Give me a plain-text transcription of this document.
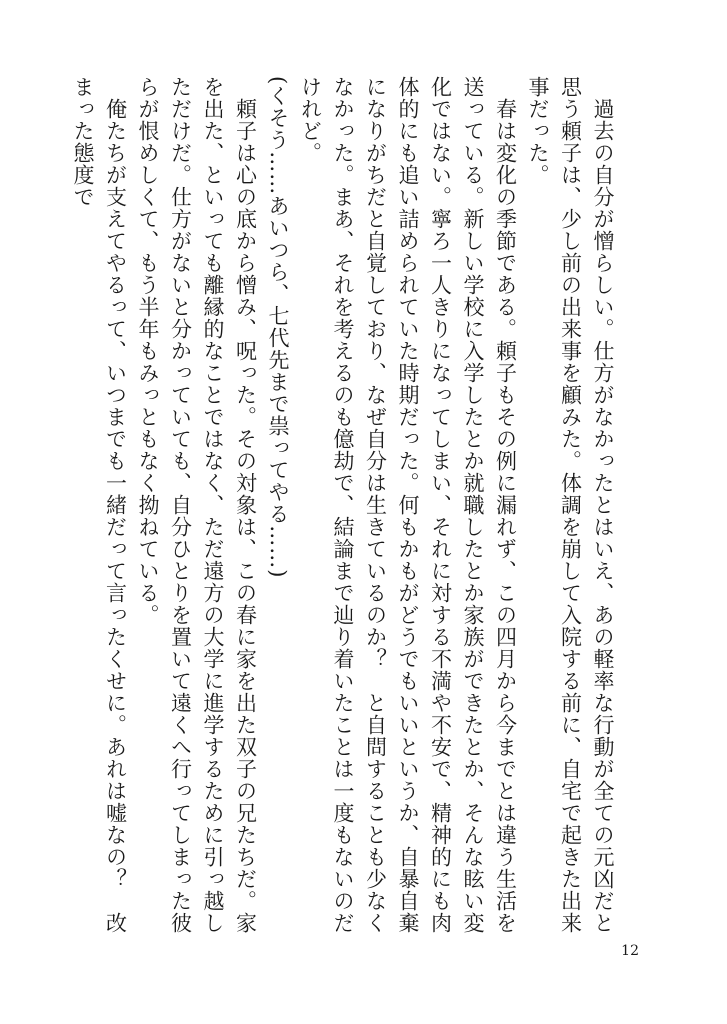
　過去の自分が憎らしい。仕方がなかったとはいえ、あの軽率な行動が全ての元凶だと思う頼子は、少し前の出来事を顧みた。体調を崩して入院する前に、自宅で起きた出来事だった。

　春は変化の季節である。頼子もその例に漏れず、この四月から今までとは違う生活を送っている。新しい学校に入学したとか就職したとか家族ができたとか、そんな眩い変化ではない。寧ろ一人きりになってしまい、それに対する不満や不安で、精神的にも肉体的にも追い詰められていた時期だった。何もかもがどうでもいいというか、自暴自棄になりがちだと自覚しており、なぜ自分は生きているのか？　と自問することも少なくなかった。まあ、それを考えるのも億劫で、結論まで辿り着いたことは一度もないのだけれど。

(くそう……あいつら、七代先まで祟ってやる……)

　頼子は心の底から憎み、呪った。その対象は、この春に家を出た双子の兄たちだ。家を出た、といっても離縁的なことではなく、ただ遠方の大学に進学するために引っ越しただけだ。仕方がないと分かっていても、自分ひとりを置いて遠くへ行ってしまった彼らが恨めしくて、もう半年もみっともなく拗ねている。

　俺たちが支えてやるって、いつまでも一緒だって言ったくせに。あれは嘘なの？　改まった態度で

12
